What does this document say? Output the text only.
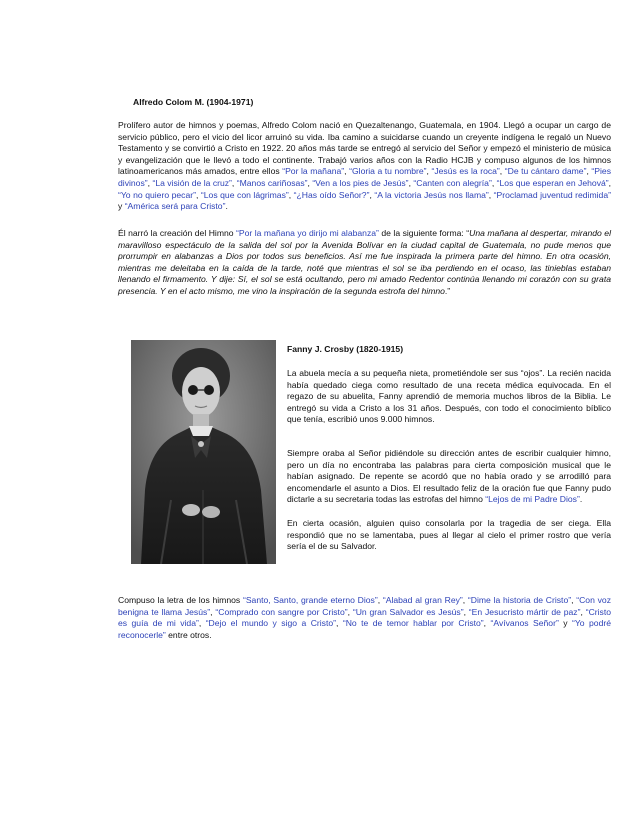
Alfredo Colom M. (1904-1971)
Prolífero autor de himnos y poemas, Alfredo Colom nació en Quezaltenango, Guatemala, en 1904. Llegó a ocupar un cargo de servicio público, pero el vicio del licor arruinó su vida. Iba camino a suicidarse cuando un creyente indígena le regaló un Nuevo Testamento y se convirtió a Cristo en 1922. 20 años más tarde se entregó al servicio del Señor y empezó el ministerio de música y evangelización que le llevó a todo el continente. Trabajó varios años con la Radio HCJB y compuso algunos de los himnos latinoamericanos más amados, entre ellos “Por la mañana”, “Gloria a tu nombre”, “Jesús es la roca”, “De tu cántaro dame”, “Pies divinos”, “La visión de la cruz”, “Manos cariñosas”, “Ven a los pies de Jesús”, “Canten con alegría”, “Los que esperan en Jehová”, “Yo no quiero pecar”, “Los que con lágrimas”, “¿Has oído Señor?”, “A la victoria Jesús nos llama”, “Proclamad juventud redimida” y “América será para Cristo”.
Él narró la creación del Himno “Por la mañana yo dirijo mi alabanza” de la siguiente forma: “Una mañana al despertar, mirando el maravilloso espectáculo de la salida del sol por la Avenida Bolívar en la ciudad capital de Guatemala, no pude menos que prorrumpir en alabanzas a Dios por todos sus beneficios. Así me fue inspirada la primera parte del himno. En otra ocasión, mientras me deleitaba en la caída de la tarde, noté que mientras el sol se iba perdiendo en el ocaso, las tinieblas estaban llenando el firmamento. Y dije: Sí, el sol se está ocultando, pero mi amado Redentor continúa llenando mi corazón con su grata presencia. Y en el acto mismo, me vino la inspiración de la segunda estrofa del himno.”
Fanny J. Crosby (1820-1915)
La abuela mecía a su pequeña nieta, prometiéndole ser sus “ojos”. La recién nacida había quedado ciega como resultado de una receta médica equivocada. En el regazo de su abuelita, Fanny aprendió de memoria muchos libros de la Biblia. Le entregó su vida a Cristo a los 31 años. Después, con todo el conocimiento bíblico que tenía, escribió unos 9.000 himnos.
Siempre oraba al Señor pidiéndole su dirección antes de escribir cualquier himno, pero un día no encontraba las palabras para cierta composición musical que le habían asignado. De repente se acordó que no había orado y se arrodilló para encomendarle el asunto a Dios. El resultado feliz de la oración fue que Fanny pudo dictarle a su secretaria todas las estrofas del himno “Lejos de mi Padre Dios”.
En cierta ocasión, alguien quiso consolarla por la tragedia de ser ciega. Ella respondió que no se lamentaba, pues al llegar al cielo el primer rostro que vería sería el de su Salvador.
Compuso la letra de los himnos “Santo, Santo, grande eterno Dios”, “Alabad al gran Rey”, “Dime la historia de Cristo”, “Con voz benigna te llama Jesús”, “Comprado con sangre por Cristo”, “Un gran Salvador es Jesús”, “En Jesucristo mártir de paz”, “Cristo es guía de mi vida”, “Dejo el mundo y sigo a Cristo”, “No te de temor hablar por Cristo”, “Avívanos Señor” y “Yo podré reconocerle” entre otros.
